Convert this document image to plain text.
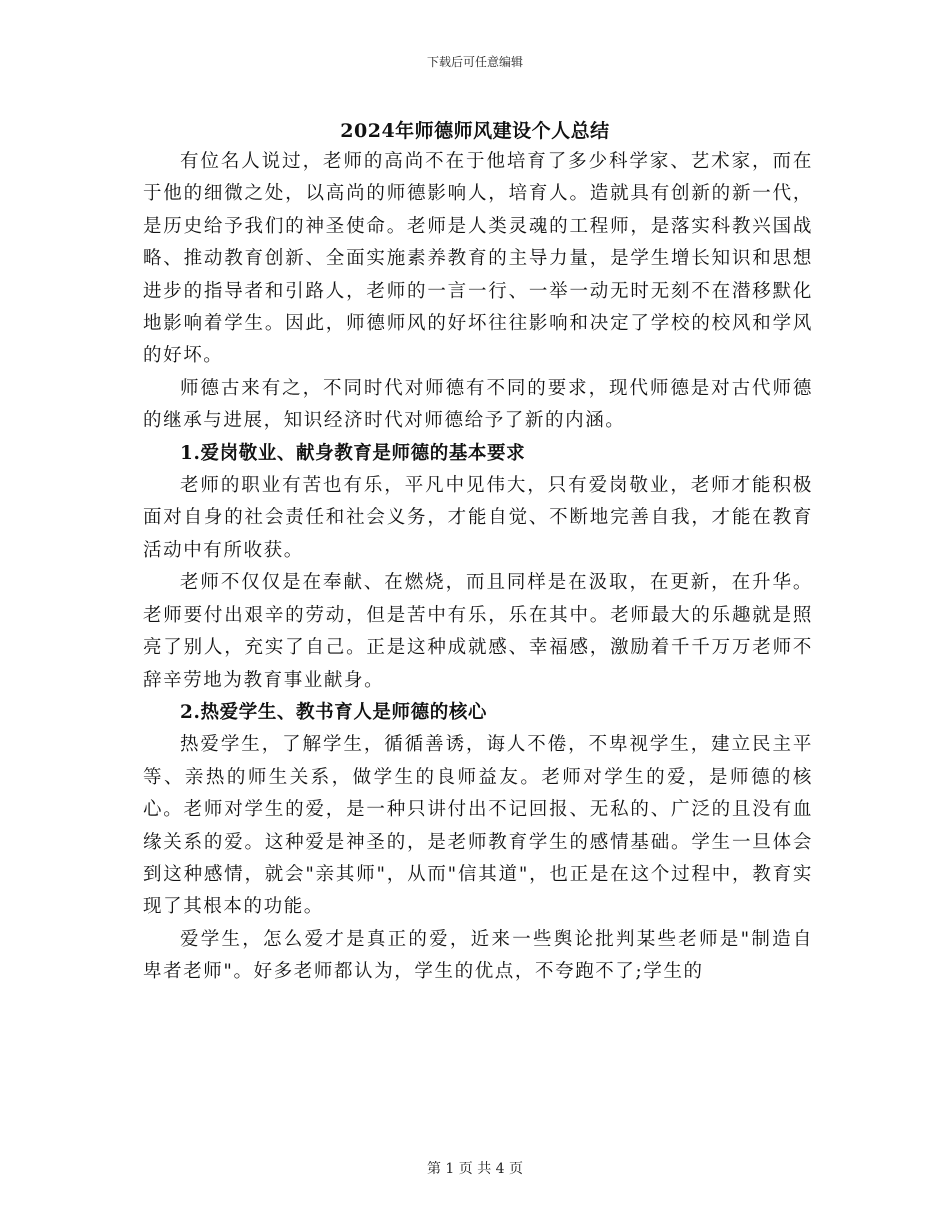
下载后可任意编辑
2024年师德师风建设个人总结

有位名人说过，老师的高尚不在于他培育了多少科学家、艺术家，而在于他的细微之处，以高尚的师德影响人，培育人。造就具有创新的新一代，是历史给予我们的神圣使命。老师是人类灵魂的工程师，是落实科教兴国战略、推动教育创新、全面实施素养教育的主导力量，是学生增长知识和思想进步的指导者和引路人，老师的一言一行、一举一动无时无刻不在潜移默化地影响着学生。因此，师德师风的好坏往往影响和决定了学校的校风和学风的好坏。

师德古来有之，不同时代对师德有不同的要求，现代师德是对古代师德的继承与进展，知识经济时代对师德给予了新的内涵。

1.爱岗敬业、献身教育是师德的基本要求

老师的职业有苦也有乐，平凡中见伟大，只有爱岗敬业，老师才能积极面对自身的社会责任和社会义务，才能自觉、不断地完善自我，才能在教育活动中有所收获。

老师不仅仅是在奉献、在燃烧，而且同样是在汲取，在更新，在升华。老师要付出艰辛的劳动，但是苦中有乐，乐在其中。老师最大的乐趣就是照亮了别人，充实了自己。正是这种成就感、幸福感，激励着千千万万老师不辞辛劳地为教育事业献身。

2.热爱学生、教书育人是师德的核心

热爱学生，了解学生，循循善诱，诲人不倦，不卑视学生，建立民主平等、亲热的师生关系，做学生的良师益友。老师对学生的爱，是师德的核心。老师对学生的爱，是一种只讲付出不记回报、无私的、广泛的且没有血缘关系的爱。这种爱是神圣的，是老师教育学生的感情基础。学生一旦体会到这种感情，就会"亲其师"，从而"信其道"，也正是在这个过程中，教育实现了其根本的功能。

爱学生，怎么爱才是真正的爱，近来一些舆论批判某些老师是"制造自卑者老师"。好多老师都认为，学生的优点，不夸跑不了;学生的

第 1 页 共 4 页
